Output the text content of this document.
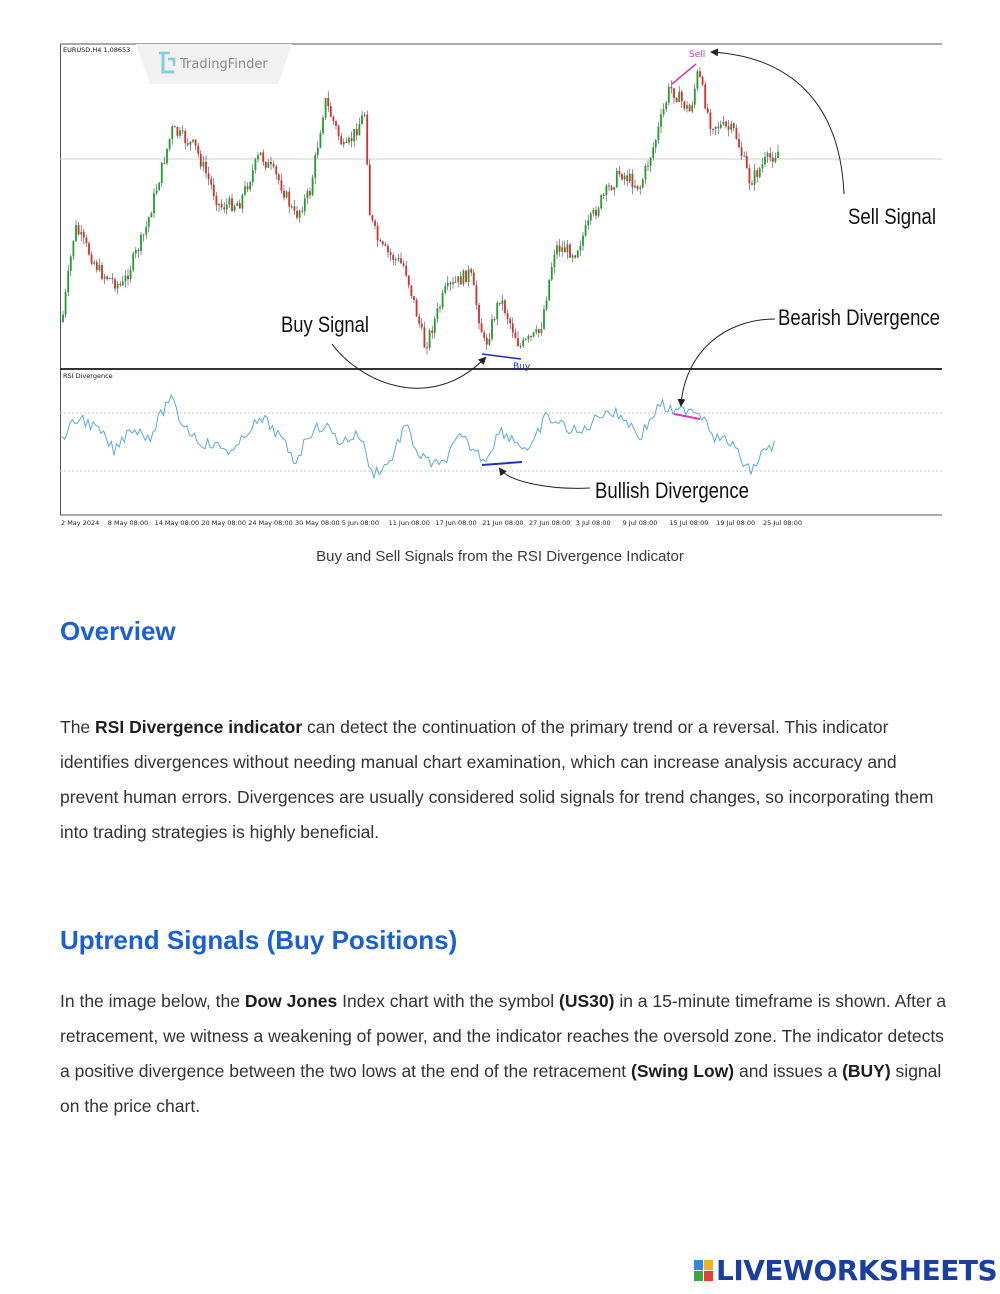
TradingFinder
EURUSD,H4 1.08653
RSI Divergence
Sell
Buy
Sell Signal
Buy Signal	Bearish Divergence
Bullish Divergence
2 May 2024 8 May 08:00 14 May 08:00 20 May 08:00 24 May 08:00 30 May 08:00 5 Jun 08:00 11 Jun 08:00 17 Jun 08:00 21 Jun 08:00 27 Jun 08:00 3 Jul 08:00 9 Jul 08:00 15 Jul 08:00 19 Jul 08:00 25 Jul 08:00
Buy and Sell Signals from the RSI Divergence Indicator
Overview

The RSI Divergence indicator can detect the continuation of the primary trend or a reversal. This indicator identifies divergences without needing manual chart examination, which can increase analysis accuracy and prevent human errors. Divergences are usually considered solid signals for trend changes, so incorporating them into trading strategies is highly beneficial.

Uptrend Signals (Buy Positions)

In the image below, the Dow Jones Index chart with the symbol (US30) in a 15-minute timeframe is shown. After a retracement, we witness a weakening of power, and the indicator reaches the oversold zone. The indicator detects a positive divergence between the two lows at the end of the retracement (Swing Low) and issues a (BUY) signal on the price chart.

LIVEWORKSHEETS
